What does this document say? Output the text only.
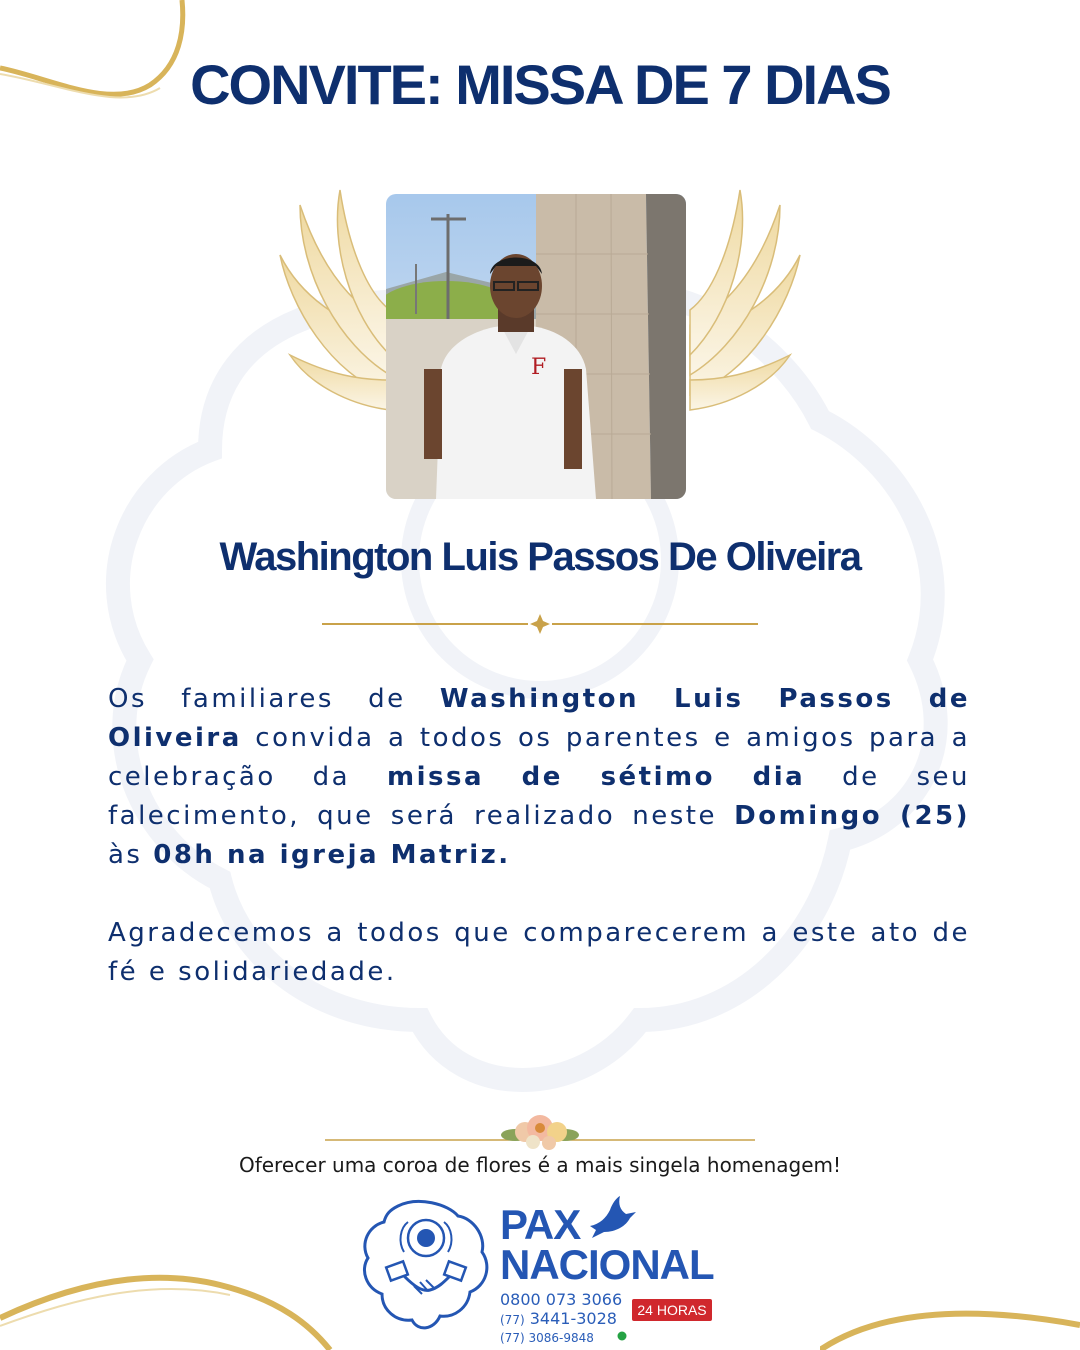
CONVITE: MISSA DE 7 DIAS
F
Washington Luis Passos De Oliveira

Os familiares de Washington Luis Passos de Oliveira convida a todos os parentes e amigos para a celebração da missa de sétimo dia de seu falecimento, que será realizado neste Domingo (25) às 08h na igreja Matriz.

Agradecemos a todos que comparecerem a este ato de fé e solidariedade.

Oferecer uma coroa de flores é a mais singela homenagem!
PAX
NACIONAL
0800 073 3066
(77) 3441-3028
(77) 3086-9848
24 HORAS
